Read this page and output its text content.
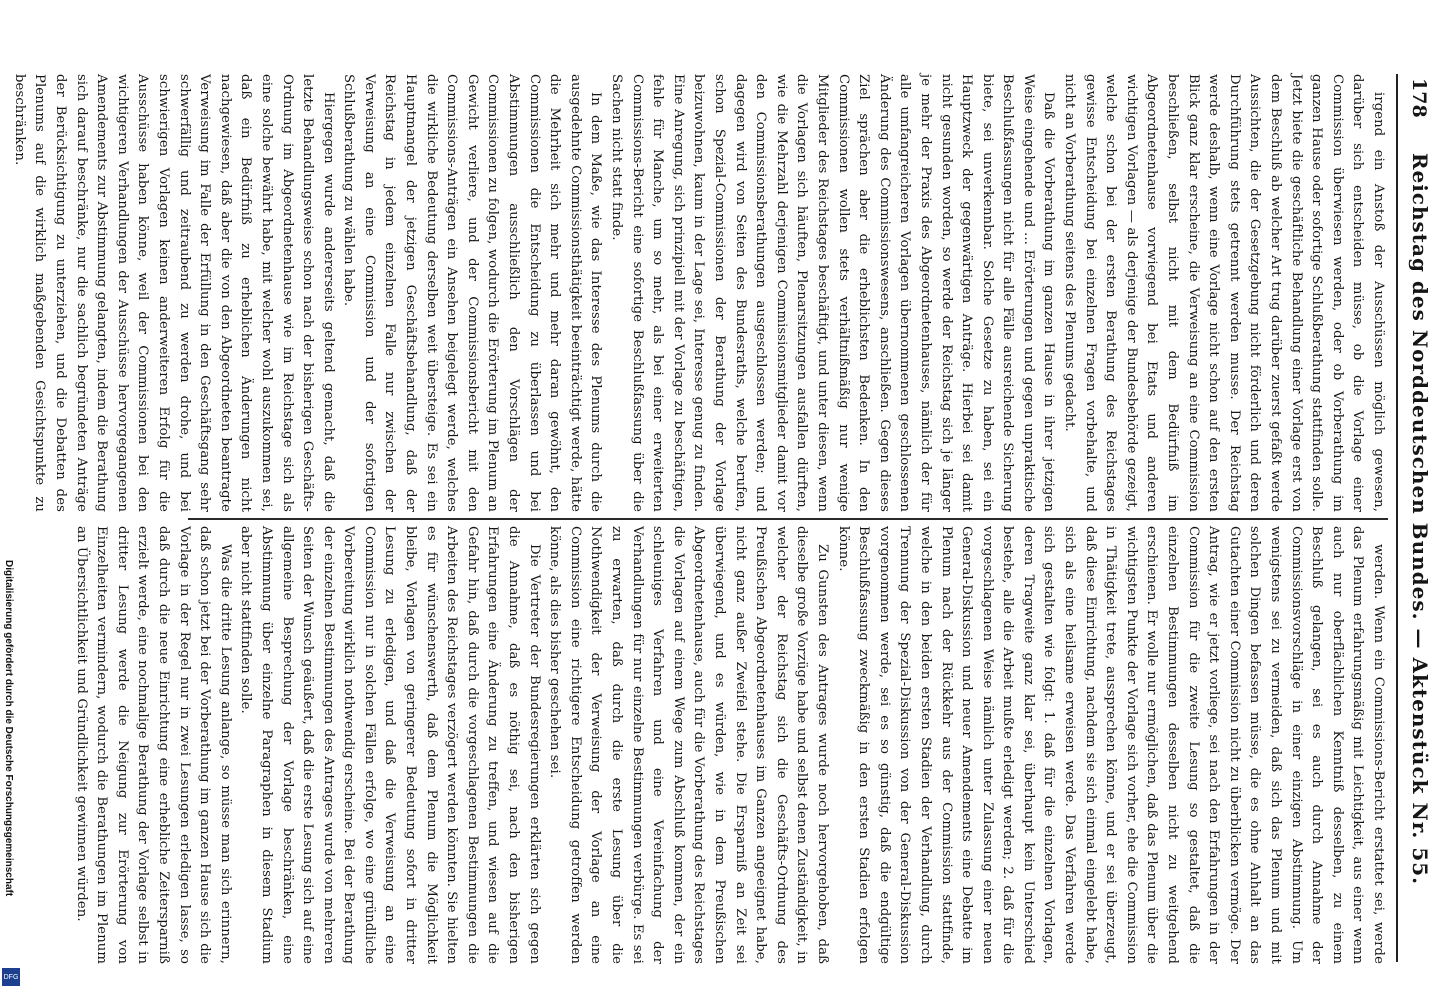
178
Reichstag des Norddeutschen Bundes. — Aktenstück Nr. 55.

irgend ein Anstoß der Ausschüssen möglich gewesen, darüber sich entscheiden müsse, ob die Vorlage einer Commission überwiesen werden, oder ob Vorberathung im ganzen Hause oder sofortige Schlußberathung stattfinden solle. Jetzt biete die geschäftliche Behandlung einer Vorlage erst von dem Beschluß ab welcher Art trug darüber zuerst gefaßt werde Aussichten, die der Gesetzgebung nicht förderlich und deren Durchführung stets getrennt werden musse. Der Reichstag werde deshalb, wenn eine Vorlage nicht schon auf den ersten Blick ganz klar erscheine, die Verweisung an eine Commission beschließen, selbst nicht mit dem Bedürfniß im Abgeordnetenhause vorwiegend bei Etats und anderen wichtigen Vorlagen — als derjenige der Bundesbehörde gezeigt, welche schon bei der ersten Berathung des Reichstages gewisse Entscheidung bei einzelnen Fragen vorbehalte, und nicht an Vorberathung seitens des Plenums gedacht.

Daß die Vorberathung im ganzen Hause in ihrer jetzigen Weise eingehende und ... Erörterungen und gegen unpraktische Beschlußfassungen nicht für alle Fälle ausreichende Sicherung biete, sei unverkennbar. Solche Gesetze zu haben, sei ein Hauptzweck der gegenwärtigen Anträge. Hierbei sei damit nicht gesunden worden, so werde der Reichstag sich je länger je mehr der Praxis des Abgeordnetenhauses, nämlich der für alle umfangreicheren Vorlagen übernommenen geschlossenen Änderung des Commissionswesens, anschließen. Gegen dieses Ziel sprächen aber die erheblichsten Bedenken. In den Commissionen wollen stets verhältnißmäßig nur wenige Mitglieder des Reichstages beschäftigt, und unter diesen, wenn die Vorlagen sich häuften, Plenarsitzungen ausfallen dürften, wie die Mehrzahl derjenigen Commissionsmitglieder damit vor den Commissionsberathungen ausgeschlossen werden; und dagegen wird von Seiten des Bundesraths, welche berufen, schon Spezial-Commissionen der Berathung der Vorlage beizuwohnen, kaum in der Lage sei, Interesse genug zu finden. Eine Anregung, sich prinzipiell mit der Vorlage zu beschäftigen, fehle für Manche, um so mehr, als bei einer erweiterten Commissions-Bericht eine sofortige Beschlußfassung über die Sachen nicht statt finde.

In dem Maße, wie das Interesse des Plenums durch die ausgedehnte Commissionsthätigkeit beeinträchtigt werde, hätte die Mehrheit sich mehr und mehr daran gewöhnt, den Commissionen die Entscheidung zu überlassen und bei Abstimmungen ausschließlich den Vorschlägen der Commissionen zu folgen, wodurch die Erörterung im Plenum an Gewicht verliere, und der Commissionsbericht mit den Commissions-Anträgen ein Ansehen beigelegt werde, welches die wirkliche Bedeutung derselben weit übersteige. Es sei ein Hauptmangel der jetzigen Geschäftsbehandlung, daß der Reichstag in jedem einzelnen Falle nur zwischen der Verweisung an eine Commission und der sofortigen Schlußberathung zu wählen habe.

Hiergegen wurde andererseits geltend gemacht, daß die letzte Behandlungsweise schon nach der bisherigen Geschäfts-Ordnung im Abgeordnetenhause wie im Reichstage sich als eine solche bewährt habe, mit welcher wohl auszukommen sei, daß ein Bedürfniß zu erheblichen Änderungen nicht nachgewiesen, daß aber die von den Abgeordneten beantragte Verweisung im Falle der Erfüllung in den Geschäftsgang sehr schwerfällig und zeitraubend zu werden drohe, und bei schwierigen Vorlagen keinen anderweiteren Erfolg für die Ausschüsse haben könne, weil der Commissionen bei den wichtigeren Verhandlungen der Ausschüsse hervorgegangenen Amendements zur Abstimmung gelangten, indem die Berathung sich darauf beschränke, nur die sachlich begründeten Anträge der Berücksichtigung zu unterziehen, und die Debatten des Plenums auf die wirklich maßgebenden Gesichtspunkte zu beschränken.

werden. Wenn ein Commissions-Bericht erstattet sei, werde das Plenum erfahrungsmäßig mit Leichtigkeit, aus einer wenn auch nur oberflächlichen Kenntniß desselben, zu einem Beschluß gelangen, sei es auch durch Annahme der Commissionsvorschläge in einer einzigen Abstimmung. Um wenigstens sei zu vermeiden, daß sich das Plenum und mit solchen Dingen befassen müsse, die es ohne Anhalt an das Gutachten einer Commission nicht zu überblicken vermöge. Der Antrag, wie er jetzt vorliege, sei nach den Erfahrungen in der Commission für die zweite Lesung so gestaltet, daß die einzelnen Bestimmungen desselben nicht zu weitgehend erschienen. Er wolle nur ermöglichen, daß das Plenum über die wichtigsten Punkte der Vorlage sich vorher, ehe die Commission in Thätigkeit trete, aussprechen könne, und er sei überzeugt, daß diese Einrichtung, nachdem sie sich einmal eingelebt habe, sich als eine heilsame erweisen werde. Das Verfahren werde sich gestalten wie folgt: 1. daß für die einzelnen Vorlagen, deren Tragweite ganz klar sei, überhaupt kein Unterschied bestehe, alle die Arbeit mußte erledigt werden; 2. daß für die vorgeschlagenen Weise nämlich unter Zulassung einer neuen General-Diskussion und neuer Amendements eine Debatte im Plenum nach der Rückkehr aus der Commission stattfinde, welche in den beiden ersten Stadien der Verhandlung, durch Trennung der Spezial-Diskussion von der General-Diskussion vorgenommen werde, sei es so günstig, daß die endgültige Beschlußfassung zweckmäßig in den ersten Stadien erfolgen könne.

Zu Gunsten des Antrages wurde noch hervorgehoben, daß dieselbe große Vorzüge habe und selbst denen Zuständigkeit, in welcher der Reichstag sich die Geschäfts-Ordnung des Preußischen Abgeordnetenhauses im Ganzen angeeignet habe, nicht ganz außer Zweifel stehe. Die Ersparniß an Zeit sei überwiegend, und es würden, wie in dem Preußischen Abgeordnetenhause, auch für die Vorberathung des Reichstages die Vorlagen auf einem Wege zum Abschluß kommen, der ein schleuniges Verfahren und eine Vereinfachung der Verhandlungen für nur einzelne Bestimmungen verbürge. Es sei zu erwarten, daß durch die erste Lesung über die Nothwendigkeit der Verweisung der Vorlage an eine Commission eine richtigere Entscheidung getroffen werden könne, als dies bisher geschehen sei.

Die Vertreter der Bundesregierungen erklärten sich gegen die Annahme, daß es nöthig sei, nach den bisherigen Erfahrungen eine Änderung zu treffen, und wiesen auf die Gefahr hin, daß durch die vorgeschlagenen Bestimmungen die Arbeiten des Reichstages verzögert werden könnten. Sie hielten es für wünschenswerth, daß dem Plenum die Möglichkeit bleibe, Vorlagen von geringerer Bedeutung sofort in dritter Lesung zu erledigen, und daß die Verweisung an eine Commission nur in solchen Fällen erfolge, wo eine gründliche Vorbereitung wirklich nothwendig erscheine. Bei der Berathung der einzelnen Bestimmungen des Antrages wurde von mehreren Seiten der Wunsch geäußert, daß die erste Lesung sich auf eine allgemeine Besprechung der Vorlage beschränken, eine Abstimmung über einzelne Paragraphen in diesem Stadium aber nicht stattfinden solle.

Was die dritte Lesung anlange, so müsse man sich erinnern, daß schon jetzt bei der Vorberathung im ganzen Hause sich die Vorlage in der Regel nur in zwei Lesungen erledigen lasse, so daß durch die neue Einrichtung eine erhebliche Zeitersparniß erzielt werde, eine nochmalige Berathung der Vorlage selbst in dritter Lesung werde die Neigung zur Erörterung von Einzelheiten vermindern, wodurch die Berathungen im Plenum an Übersichtlichkeit und Gründlichkeit gewinnen würden.

Digitalisierung gefördert durch die Deutsche Forschungsgemeinschaft
DFG
